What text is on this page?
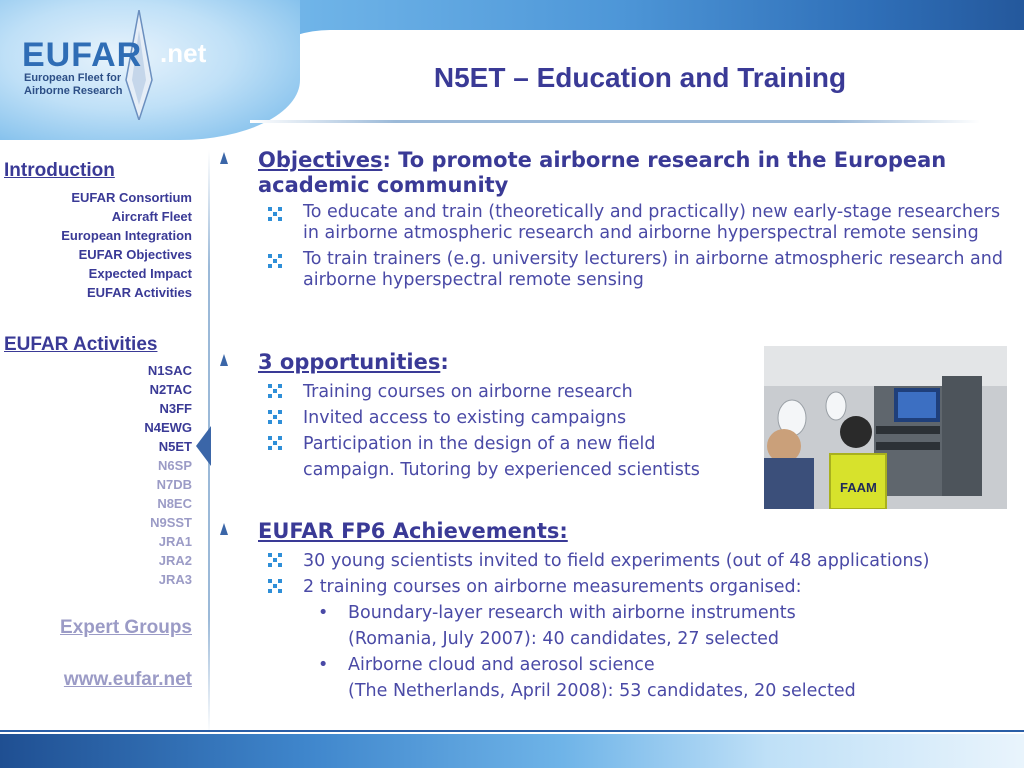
EUFAR .net
European Fleet for Airborne Research	N5ET – Education and Training
Introduction
EUFAR Consortium
Aircraft Fleet
European Integration
EUFAR Objectives
Expected Impact
EUFAR Activities
EUFAR Activities
N1SAC
N2TAC
N3FF
N4EWG
N5ET
N6SP
N7DB
N8EC
N9SST
JRA1
JRA2
JRA3
Expert Groups
www.eufar.net
Objectives: To promote airborne research in the European academic community
To educate and train (theoretically and practically) new early-stage researchers in airborne atmospheric research and airborne hyperspectral remote sensing
To train trainers (e.g. university lecturers) in airborne atmospheric research and airborne hyperspectral remote sensing
3 opportunities:
Training courses on airborne research
Invited access to existing campaigns
Participation in the design of a new field campaign. Tutoring by experienced scientists
FAAM
EUFAR FP6 Achievements:
30 young scientists invited to field experiments (out of 48 applications)
2 training courses on airborne measurements organised:
• Boundary-layer research with airborne instruments
(Romania, July 2007): 40 candidates, 27 selected
• Airborne cloud and aerosol science
(The Netherlands, April 2008): 53 candidates, 20 selected
